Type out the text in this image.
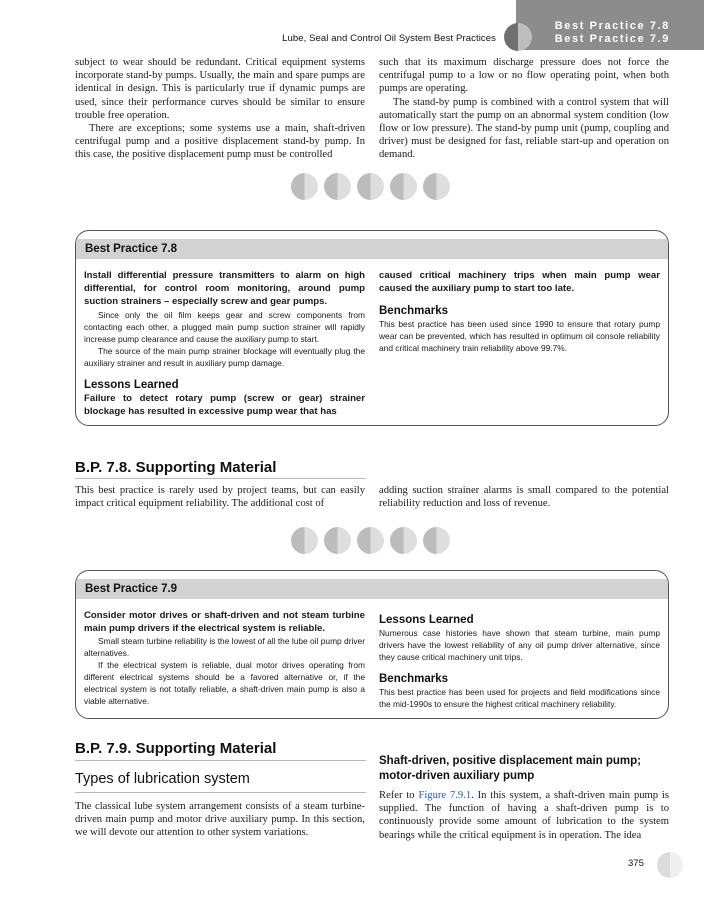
Lube, Seal and Control Oil System Best Practices
Best Practice 7.8
Best Practice 7.9

subject to wear should be redundant. Critical equipment systems incorporate stand-by pumps. Usually, the main and spare pumps are identical in design. This is particularly true if dynamic pumps are used, since their performance curves should be similar to ensure trouble free operation.

There are exceptions; some systems use a main, shaft-driven centrifugal pump and a positive displacement stand-by pump. In this case, the positive displacement pump must be controlled

such that its maximum discharge pressure does not force the centrifugal pump to a low or no flow operating point, when both pumps are operating.

The stand-by pump is combined with a control system that will automatically start the pump on an abnormal system condition (low flow or low pressure). The stand-by pump unit (pump, coupling and driver) must be designed for fast, reliable start-up and operation on demand.

Best Practice 7.8

Install differential pressure transmitters to alarm on high differential, for control room monitoring, around pump suction strainers – especially screw and gear pumps.

Since only the oil film keeps gear and screw components from contacting each other, a plugged main pump suction strainer will rapidly increase pump clearance and cause the auxiliary pump to start.

The source of the main pump strainer blockage will eventually plug the auxiliary strainer and result in auxiliary pump damage.

Lessons Learned

Failure to detect rotary pump (screw or gear) strainer blockage has resulted in excessive pump wear that has

caused critical machinery trips when main pump wear caused the auxiliary pump to start too late.

Benchmarks

This best practice has been used since 1990 to ensure that rotary pump wear can be prevented, which has resulted in optimum oil console reliability and critical machinery train reliability above 99.7%.

B.P. 7.8. Supporting Material

This best practice is rarely used by project teams, but can easily impact critical equipment reliability. The additional cost of

adding suction strainer alarms is small compared to the potential reliability reduction and loss of revenue.

Best Practice 7.9

Consider motor drives or shaft-driven and not steam turbine main pump drivers if the electrical system is reliable.

Small steam turbine reliability is the lowest of all the lube oil pump driver alternatives.

If the electrical system is reliable, dual motor drives operating from different electrical systems should be a favored alternative or, if the electrical system is not totally reliable, a shaft-driven main pump is also a viable alternative.

Lessons Learned

Numerous case histories have shown that steam turbine, main pump drivers have the lowest reliability of any oil pump driver alternative, since they cause critical machinery unit trips.

Benchmarks

This best practice has been used for projects and field modifications since the mid-1990s to ensure the highest critical machinery reliability.

B.P. 7.9. Supporting Material
Types of lubrication system

The classical lube system arrangement consists of a steam turbine-driven main pump and motor drive auxiliary pump. In this section, we will devote our attention to other system variations.

Shaft-driven, positive displacement main pump; motor-driven auxiliary pump

Refer to Figure 7.9.1. In this system, a shaft-driven main pump is supplied. The function of having a shaft-driven pump is to continuously provide some amount of lubrication to the system bearings while the critical equipment is in operation. The idea

375
